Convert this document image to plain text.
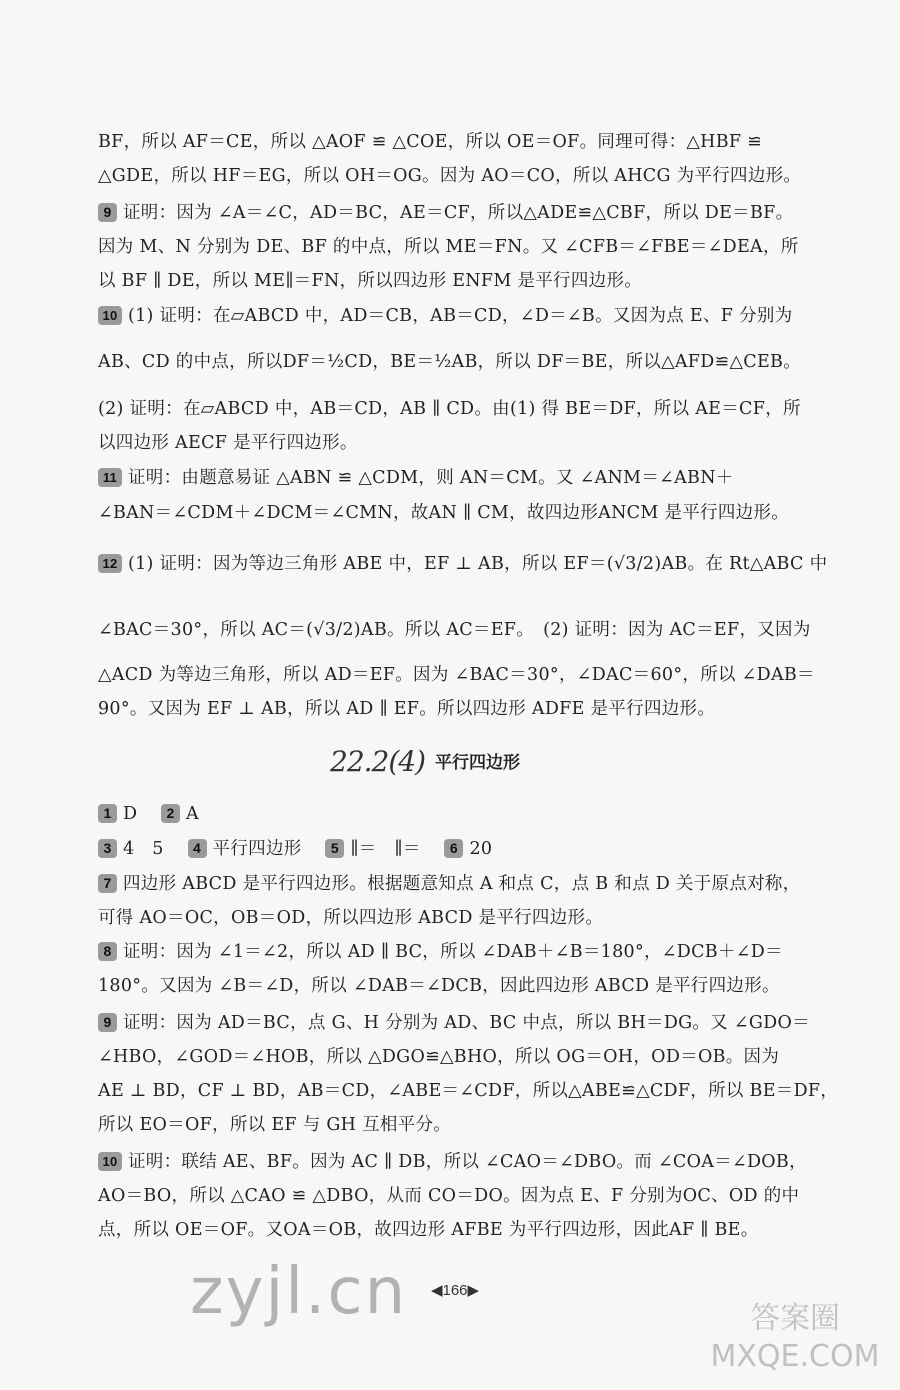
BF，所以 AF＝CE，所以 △AOF ≌ △COE，所以 OE＝OF。同理可得：△HBF ≌
△GDE，所以 HF＝EG，所以 OH＝OG。因为 AO＝CO，所以 AHCG 为平行四边形。
9 证明：因为 ∠A＝∠C，AD＝BC，AE＝CF，所以△ADE≌△CBF，所以 DE＝BF。
因为 M、N 分别为 DE、BF 的中点，所以 ME＝FN。又 ∠CFB＝∠FBE＝∠DEA，所
以 BF ∥ DE，所以 ME∥＝FN，所以四边形 ENFM 是平行四边形。
10 (1) 证明：在▱ABCD 中，AD＝CB，AB＝CD，∠D＝∠B。又因为点 E、F 分别为
AB、CD 的中点，所以DF＝½CD，BE＝½AB，所以 DF＝BE，所以△AFD≌△CEB。
(2) 证明：在▱ABCD 中，AB＝CD，AB ∥ CD。由(1) 得 BE＝DF，所以 AE＝CF，所
以四边形 AECF 是平行四边形。
11 证明：由题意易证 △ABN ≌ △CDM，则 AN＝CM。又 ∠ANM＝∠ABN＋
∠BAN＝∠CDM＋∠DCM＝∠CMN，故AN ∥ CM，故四边形ANCM 是平行四边形。
12 (1) 证明：因为等边三角形 ABE 中，EF ⊥ AB，所以 EF＝(√3/2)AB。在 Rt△ABC 中
∠BAC＝30°，所以 AC＝(√3/2)AB。所以 AC＝EF。　(2) 证明：因为 AC＝EF，又因为
△ACD 为等边三角形，所以 AD＝EF。因为 ∠BAC＝30°，∠DAC＝60°，所以 ∠DAB＝
90°。又因为 EF ⊥ AB，所以 AD ∥ EF。所以四边形 ADFE 是平行四边形。
22.2(4) 平行四边形
1 D　 2 A
3 4　5 4 平行四边形 5 ∥＝　∥＝ 6 20
7 四边形 ABCD 是平行四边形。根据题意知点 A 和点 C，点 B 和点 D 关于原点对称，
可得 AO＝OC，OB＝OD，所以四边形 ABCD 是平行四边形。
8 证明：因为 ∠1＝∠2，所以 AD ∥ BC，所以 ∠DAB＋∠B＝180°，∠DCB＋∠D＝
180°。又因为 ∠B＝∠D，所以 ∠DAB＝∠DCB，因此四边形 ABCD 是平行四边形。
9 证明：因为 AD＝BC，点 G、H 分别为 AD、BC 中点，所以 BH＝DG。又 ∠GDO＝
∠HBO，∠GOD＝∠HOB，所以 △DGO≌△BHO，所以 OG＝OH，OD＝OB。因为
AE ⊥ BD，CF ⊥ BD，AB＝CD，∠ABE＝∠CDF，所以△ABE≌△CDF，所以 BE＝DF，
所以 EO＝OF，所以 EF 与 GH 互相平分。
10 证明：联结 AE、BF。因为 AC ∥ DB，所以 ∠CAO＝∠DBO。而 ∠COA＝∠DOB，
AO＝BO，所以 △CAO ≌ △DBO，从而 CO＝DO。因为点 E、F 分别为OC、OD 的中
点，所以 OE＝OF。又OA＝OB，故四边形 AFBE 为平行四边形，因此AF ∥ BE。
zyjl.cn	◀166▶
答案圈
MXQE.COM
